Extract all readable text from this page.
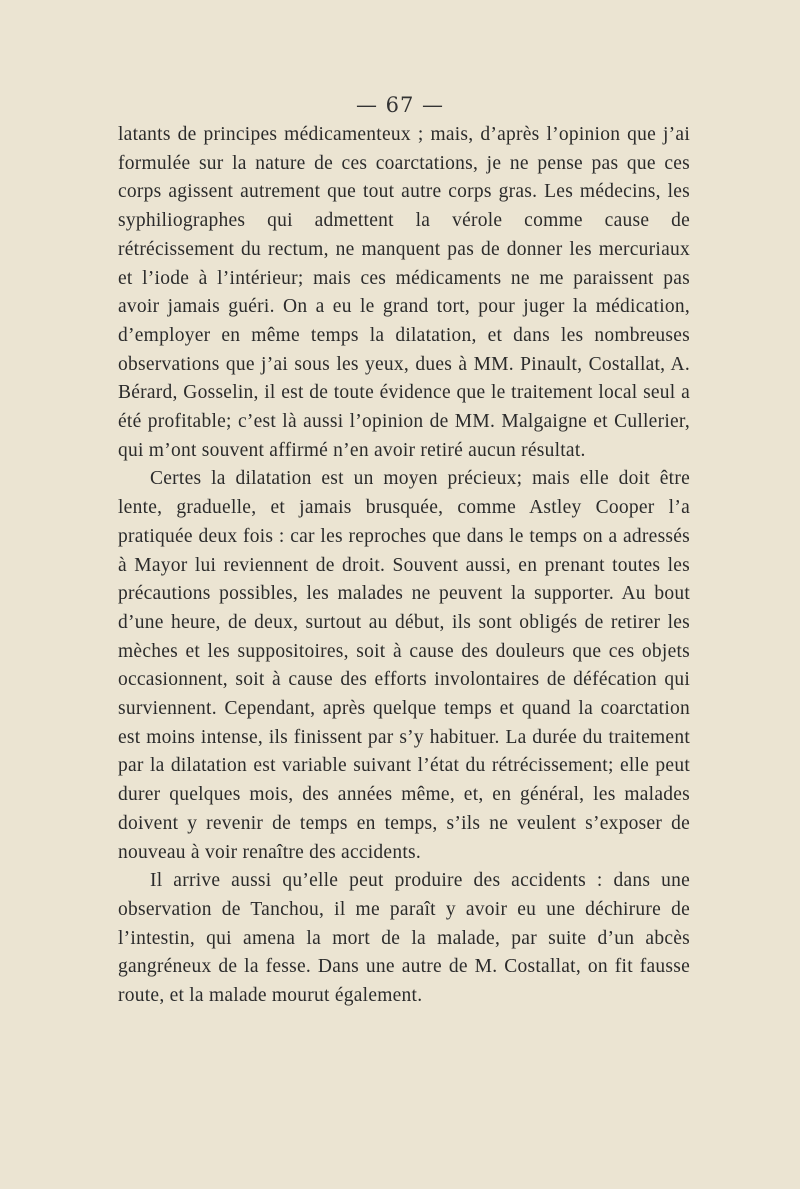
— 67 —

latants de principes médicamenteux ; mais, d’après l’opinion que j’ai formulée sur la nature de ces coarctations, je ne pense pas que ces corps agissent autrement que tout autre corps gras. Les médecins, les syphiliographes qui admettent la vérole comme cause de rétrécissement du rectum, ne manquent pas de donner les mercuriaux et l’iode à l’intérieur; mais ces médicaments ne me paraissent pas avoir jamais guéri. On a eu le grand tort, pour juger la médication, d’employer en même temps la dilatation, et dans les nombreuses observations que j’ai sous les yeux, dues à MM. Pinault, Costallat, A. Bérard, Gosselin, il est de toute évidence que le traitement local seul a été profitable; c’est là aussi l’opinion de MM. Malgaigne et Cullerier, qui m’ont souvent affirmé n’en avoir retiré aucun résultat.

Certes la dilatation est un moyen précieux; mais elle doit être lente, graduelle, et jamais brusquée, comme Astley Cooper l’a pratiquée deux fois : car les reproches que dans le temps on a adressés à Mayor lui reviennent de droit. Souvent aussi, en prenant toutes les précautions possibles, les malades ne peuvent la supporter. Au bout d’une heure, de deux, surtout au début, ils sont obligés de retirer les mèches et les suppositoires, soit à cause des douleurs que ces objets occasionnent, soit à cause des efforts involontaires de défécation qui surviennent. Cependant, après quelque temps et quand la coarctation est moins intense, ils finissent par s’y habituer. La durée du traitement par la dilatation est variable suivant l’état du rétrécissement; elle peut durer quelques mois, des années même, et, en général, les malades doivent y revenir de temps en temps, s’ils ne veulent s’exposer de nouveau à voir renaître des accidents.

Il arrive aussi qu’elle peut produire des accidents : dans une observation de Tanchou, il me paraît y avoir eu une déchirure de l’intestin, qui amena la mort de la malade, par suite d’un abcès gangréneux de la fesse. Dans une autre de M. Costallat, on fit fausse route, et la malade mourut également.
